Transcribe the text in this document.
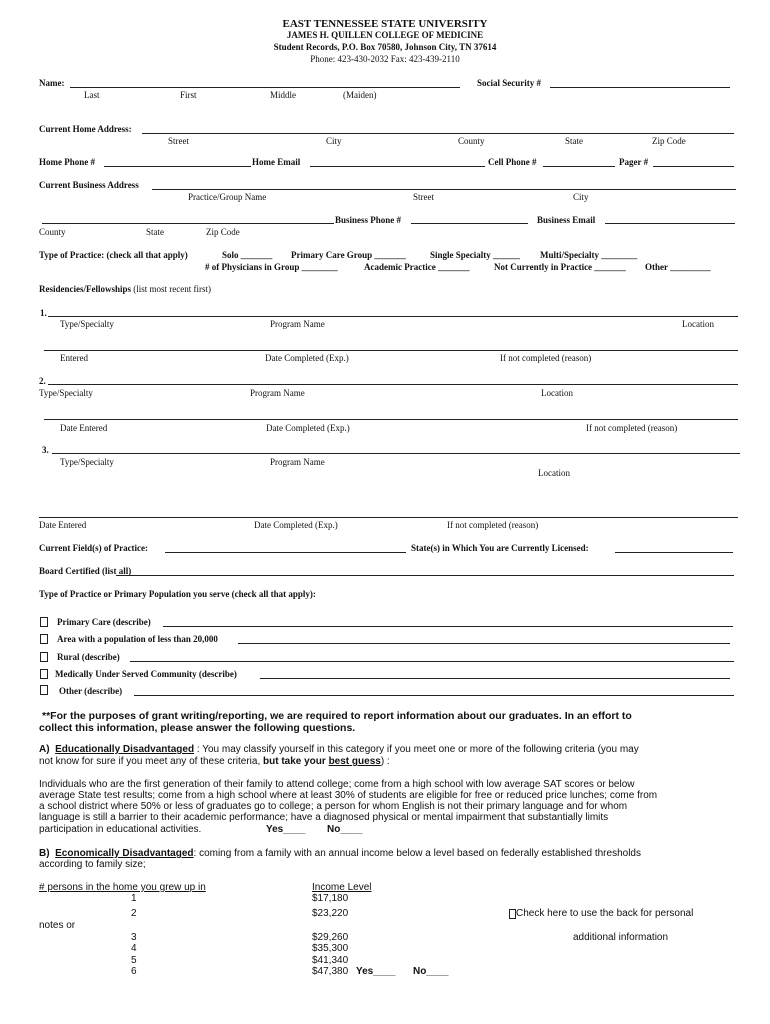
EAST TENNESSEE STATE UNIVERSITY
JAMES H. QUILLEN COLLEGE OF MEDICINE
Student Records, P.O. Box 70580, Johnson City, TN 37614
Phone: 423-430-2032 Fax: 423-439-2110
Name:	Social Security #
Last	First	Middle	(Maiden)
Current Home Address:
Street	City	County	State	Zip Code
Home Phone #	Home Email	Cell Phone #	Pager #
Current Business Address
Practice/Group Name	Street	City
Business Phone #	Business Email
County	State	Zip Code
Type of Practice: (check all that apply)	Solo _______ Primary Care Group _______	Single Specialty ______ Multi/Specialty ________
# of Physicians in Group ________	Academic Practice _______	Not Currently in Practice _______ Other _________
Residencies/Fellowships (list most recent first)
1.
Type/Specialty	Program Name	Location
Entered	Date Completed (Exp.)	If not completed (reason)
2.
Type/Specialty	Program Name	Location
Date Entered	Date Completed (Exp.)	If not completed (reason)
3.
Type/Specialty	Program Name
Location
Date Entered	Date Completed (Exp.)	If not completed (reason)
Current Field(s) of Practice:	State(s) in Which You are Currently Licensed:
Board Certified (list all)
Type of Practice or Primary Population you serve (check all that apply):
Primary Care (describe)
Area with a population of less than 20,000
Rural (describe)
Medically Under Served Community (describe)
Other (describe)
**For the purposes of grant writing/reporting, we are required to report information about our graduates. In an effort to
collect this information, please answer the following questions.
A) Educationally Disadvantaged : You may classify yourself in this category if you meet one or more of the following criteria (you may
not know for sure if you meet any of these criteria, but take your best guess) :
Individuals who are the first generation of their family to attend college; come from a high school with low average SAT scores or below
average State test results; come from a high school where at least 30% of students are eligible for free or reduced price lunches; come from
a school district where 50% or less of graduates go to college; a person for whom English is not their primary language and for whom
language is still a barrier to their academic performance; have a diagnosed physical or mental impairment that substantially limits
participation in educational activities.	Yes____ No____
B) Economically Disadvantaged: coming from a family with an annual income below a level based on federally established thresholds
according to family size;
# persons in the home you grew up in	Income Level
1	$17,180
2	$23,220	Check here to use the back for personal
notes or
3	$29,260	additional information
4	$35,300
5	$41,340
6	$47,380 Yes____ No____
